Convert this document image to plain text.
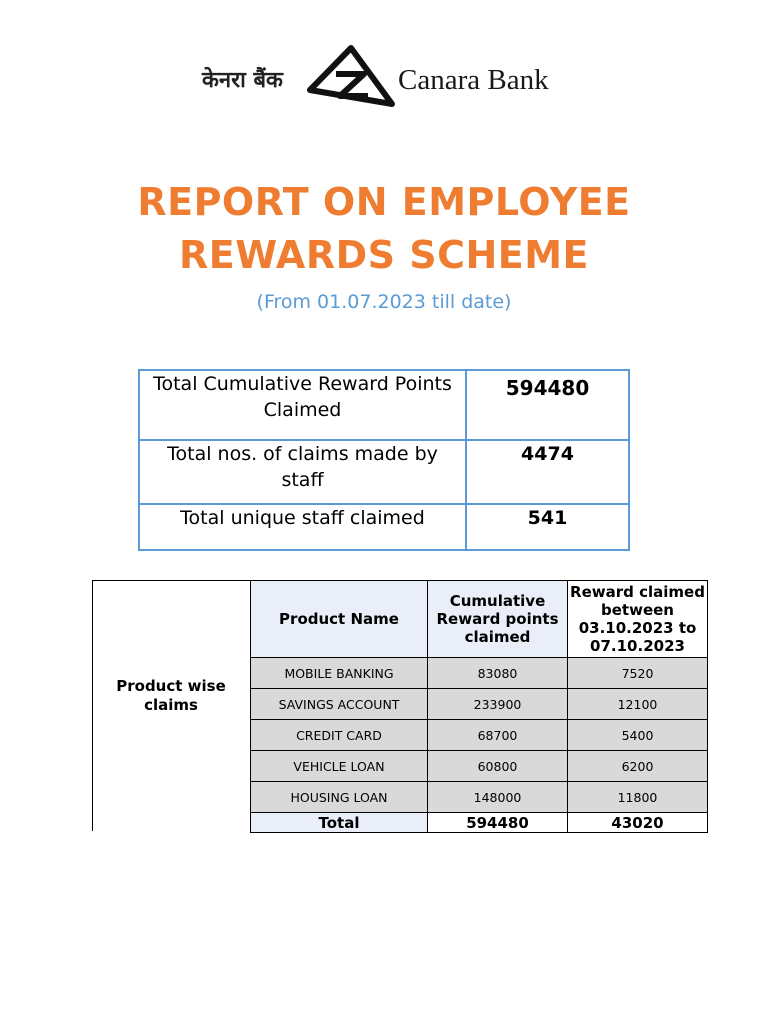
केनरा बैंक	Canara Bank
REPORT ON EMPLOYEE
REWARDS SCHEME
(From 01.07.2023 till date)
Total Cumulative Reward Points Claimed	594480
Total nos. of claims made by staff	4474
Total unique staff claimed	541
Product wise claims
Product Name	Cumulative Reward points claimed	Reward claimed between 03.10.2023 to 07.10.2023
MOBILE BANKING	83080	7520
SAVINGS ACCOUNT	233900	12100
CREDIT CARD	68700	5400
VEHICLE LOAN	60800	6200
HOUSING LOAN	148000	11800
Total	594480	43020
